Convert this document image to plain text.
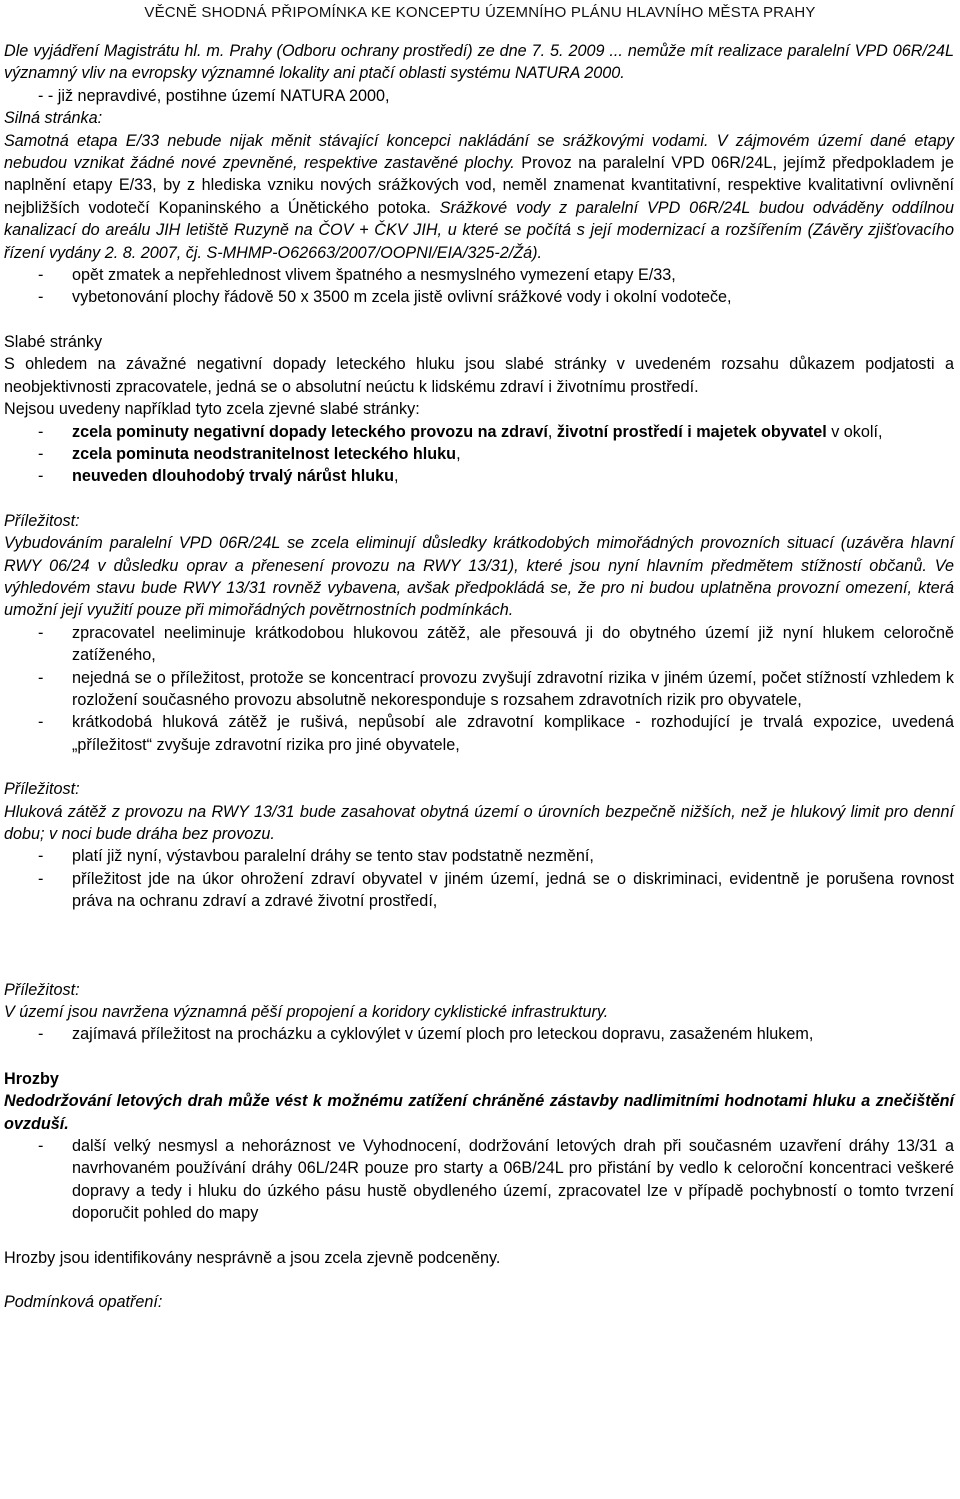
VĚCNĚ SHODNÁ PŘIPOMÍNKA KE KONCEPTU ÚZEMNÍHO PLÁNU HLAVNÍHO MĚSTA PRAHY

Dle vyjádření Magistrátu hl. m. Prahy (Odboru ochrany prostředí) ze dne 7. 5. 2009 ... nemůže mít realizace paralelní VPD 06R/24L významný vliv na evropsky významné lokality ani ptačí oblasti systému NATURA 2000.

- - již nepravdivé, postihne území NATURA 2000,

Silná stránka:

Samotná etapa E/33 nebude nijak měnit stávající koncepci nakládání se srážkovými vodami. V zájmovém území dané etapy nebudou vznikat žádné nové zpevněné, respektive zastavěné plochy. Provoz na paralelní VPD 06R/24L, jejímž předpokladem je naplnění etapy E/33, by z hlediska vzniku nových srážkových vod, neměl znamenat kvantitativní, respektive kvalitativní ovlivnění nejbližších vodotečí Kopaninského a Únětického potoka. Srážkové vody z paralelní VPD 06R/24L budou odváděny oddílnou kanalizací do areálu JIH letiště Ruzyně na ČOV + ČKV JIH, u které se počítá s její modernizací a rozšířením (Závěry zjišťovacího řízení vydány 2. 8. 2007, čj. S-MHMP-O62663/2007/OOPNI/EIA/325-2/Žá).

- opět zmatek a nepřehlednost vlivem špatného a nesmyslného vymezení etapy E/33,
- vybetonování plochy řádově 50 x 3500 m zcela jistě ovlivní srážkové vody i okolní vodoteče,

Slabé stránky

S ohledem na závažné negativní dopady leteckého hluku jsou slabé stránky v uvedeném rozsahu důkazem podjatosti a neobjektivnosti zpracovatele, jedná se o absolutní neúctu k lidskému zdraví i životnímu prostředí.

Nejsou uvedeny například tyto zcela zjevné slabé stránky:

- zcela pominuty negativní dopady leteckého provozu na zdraví, životní prostředí i majetek obyvatel v okolí,
- zcela pominuta neodstranitelnost leteckého hluku,
- neuveden dlouhodobý trvalý nárůst hluku,

Příležitost:

Vybudováním paralelní VPD 06R/24L se zcela eliminují důsledky krátkodobých mimořádných provozních situací (uzávěra hlavní RWY 06/24 v důsledku oprav a přenesení provozu na RWY 13/31), které jsou nyní hlavním předmětem stížností občanů. Ve výhledovém stavu bude RWY 13/31 rovněž vybavena, avšak předpokládá se, že pro ni budou uplatněna provozní omezení, která umožní její využití pouze při mimořádných povětrnostních podmínkách.

- zpracovatel neeliminuje krátkodobou hlukovou zátěž, ale přesouvá ji do obytného území již nyní hlukem celoročně zatíženého,
- nejedná se o příležitost, protože se koncentrací provozu zvyšují zdravotní rizika v jiném území, počet stížností vzhledem k rozložení současného provozu absolutně nekoresponduje s rozsahem zdravotních rizik pro obyvatele,
- krátkodobá hluková zátěž je rušivá, nepůsobí ale zdravotní komplikace - rozhodující je trvalá expozice, uvedená „příležitost“ zvyšuje zdravotní rizika pro jiné obyvatele,

Příležitost:

Hluková zátěž z provozu na RWY 13/31 bude zasahovat obytná území o úrovních bezpečně nižších, než je hlukový limit pro denní dobu; v noci bude dráha bez provozu.

- platí již nyní, výstavbou paralelní dráhy se tento stav podstatně nezmění,
- příležitost jde na úkor ohrožení zdraví obyvatel v jiném území, jedná se o diskriminaci, evidentně je porušena rovnost práva na ochranu zdraví a zdravé životní prostředí,

Příležitost:

V území jsou navržena významná pěší propojení a koridory cyklistické infrastruktury.

- zajímavá příležitost na procházku a cyklovýlet v území ploch pro leteckou dopravu, zasaženém hlukem,

Hrozby

Nedodržování letových drah může vést k možnému zatížení chráněné zástavby nadlimitními hodnotami hluku a znečištění ovzduší.

- další velký nesmysl a nehoráznost ve Vyhodnocení, dodržování letových drah při současném uzavření dráhy 13/31 a navrhovaném používání dráhy 06L/24R pouze pro starty a 06B/24L pro přistání by vedlo k celoroční koncentraci veškeré dopravy a tedy i hluku do úzkého pásu hustě obydleného území, zpracovatel lze v případě pochybností o tomto tvrzení doporučit pohled do mapy

Hrozby jsou identifikovány nesprávně a jsou zcela zjevně podceněny.

Podmínková opatření:
